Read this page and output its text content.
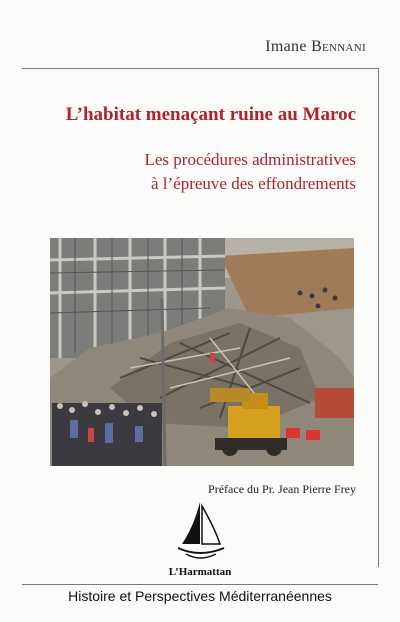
Imane Bennani
L’habitat menaçant ruine au Maroc
Les procédures administratives
à l’épreuve des effondrements
Préface du Pr. Jean Pierre Frey
L’Harmattan
Histoire et Perspectives Méditerranéennes
